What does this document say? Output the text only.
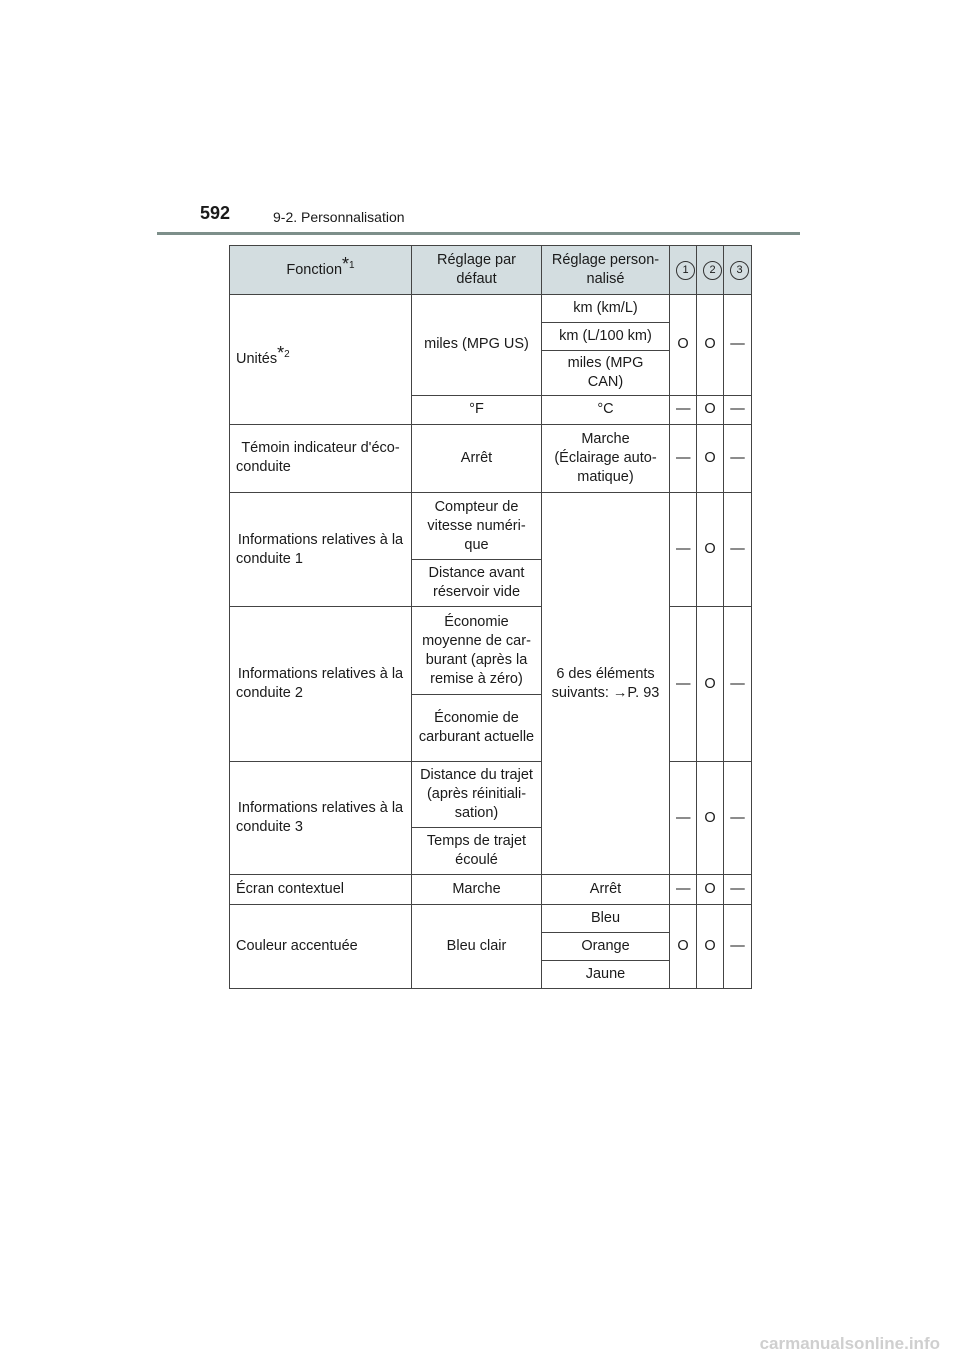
592	9-2. Personnalisation
Fonction$^{*1}$	Réglage par défaut	Réglage person-nalisé	1	2	3
Unités$^{*2}$	miles (MPG US)	km (km/L)	O	O	—
		km (L/100 km)			
		miles (MPG CAN)			
	°F	°C	—	O	—
Témoin indicateur d'éco-conduite	Arrêt	Marche (Éclairage auto-matique)	—	O	—
Informations relatives à la conduite 1	Compteur de vitesse numéri-que	6 des éléments suivants: →P. 93	—	O	—
	Distance avant réservoir vide				
Informations relatives à la conduite 2	Économie moyenne de car-burant (après la remise à zéro)		—	O	—
	Économie de carburant actuelle				
Informations relatives à la conduite 3	Distance du trajet (après réinitiali-sation)		—	O	—
	Temps de trajet écoulé				
Écran contextuel	Marche	Arrêt	—	O	—
Couleur accentuée	Bleu clair	Bleu	O	O	—
		Orange			
		Jaune			
carmanualsonline.info
